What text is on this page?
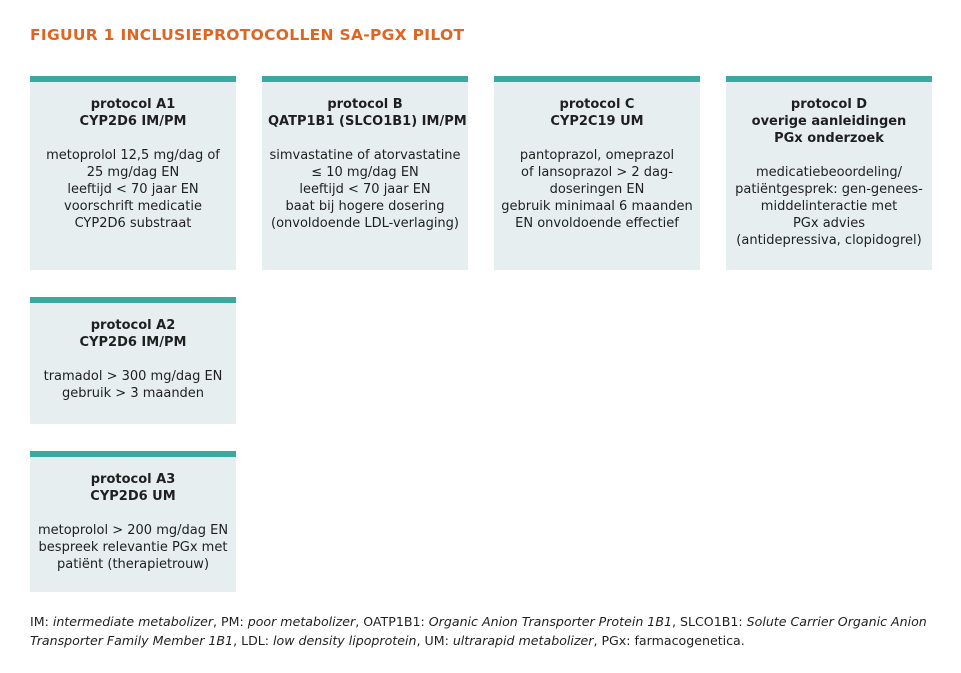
FIGUUR 1 INCLUSIEPROTOCOLLEN SA-PGX PILOT
protocol A1
CYP2D6 IM/PM
metoprolol 12,5 mg/dag of
25 mg/dag EN
leeftijd < 70 jaar EN
voorschrift medicatie
CYP2D6 substraat
protocol B
QATP1B1 (SLCO1B1) IM/PM
simvastatine of atorvastatine
≤ 10 mg/dag EN
leeftijd < 70 jaar EN
baat bij hogere dosering
(onvoldoende LDL-verlaging)
protocol C
CYP2C19 UM
pantoprazol, omeprazol
of lansoprazol > 2 dag-
doseringen EN
gebruik minimaal 6 maanden
EN onvoldoende effectief
protocol D
overige aanleidingen
PGx onderzoek
medicatiebeoordeling/
patiëntgesprek: gen-genees-
middelinteractie met
PGx advies
(antidepressiva, clopidogrel)
protocol A2
CYP2D6 IM/PM
tramadol > 300 mg/dag EN
gebruik > 3 maanden
protocol A3
CYP2D6 UM
metoprolol > 200 mg/dag EN
bespreek relevantie PGx met
patiënt (therapietrouw)
IM: intermediate metabolizer, PM: poor metabolizer, OATP1B1: Organic Anion Transporter Protein 1B1, SLCO1B1: Solute Carrier Organic Anion Transporter Family Member 1B1, LDL: low density lipoprotein, UM: ultrarapid metabolizer, PGx: farmacogenetica.
